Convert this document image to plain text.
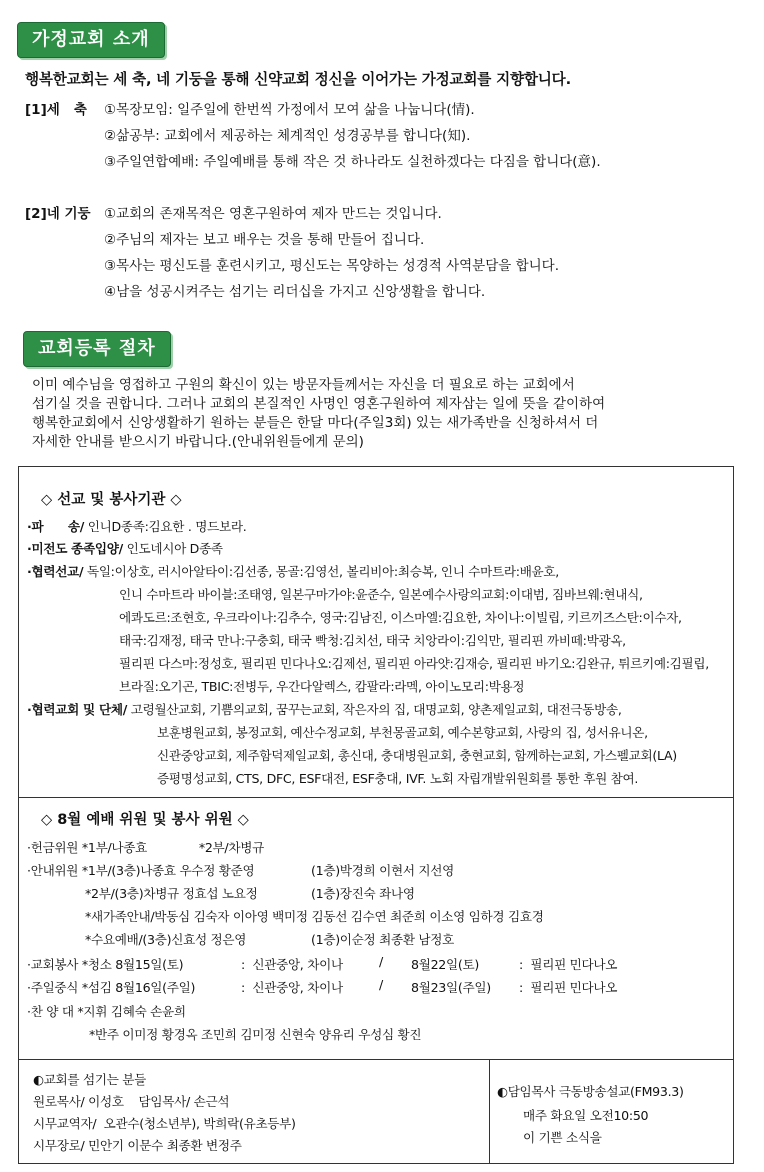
가정교회 소개
행복한교회는 세 축, 네 기둥을 통해 신약교회 정신을 이어가는 가정교회를 지향합니다.
[1]세   축 ①목장모임: 일주일에 한번씩 가정에서 모여 삶을 나눕니다(情).
②삶공부: 교회에서 제공하는 체계적인 성경공부를 합니다(知).
③주일연합예배: 주일예배를 통해 작은 것 하나라도 실천하겠다는 다짐을 합니다(意).
[2]네 기둥 ①교회의 존재목적은 영혼구원하여 제자 만드는 것입니다.
②주님의 제자는 보고 배우는 것을 통해 만들어 집니다.
③목사는 평신도를 훈련시키고, 평신도는 목양하는 성경적 사역분담을 합니다.
④남을 성공시켜주는 섬기는 리더십을 가지고 신앙생활을 합니다.
교회등록 절차
이미 예수님을 영접하고 구원의 확신이 있는 방문자들께서는 자신을 더 필요로 하는 교회에서
섬기실 것을 권합니다. 그러나 교회의 본질적인 사명인 영혼구원하여 제자삼는 일에 뜻을 같이하여
행복한교회에서 신앙생활하기 원하는 분들은 한달 마다(주일3회) 있는 새가족반을 신청하셔서 더
자세한 안내를 받으시기 바랍니다.(안내위원들에게 문의)
◇ 선교 및 봉사기관 ◇
·파      송/ 인니D종족:김요한 . 명드보라.
·미전도 종족입양/ 인도네시아 D종족
·협력선교/ 독일:이상호, 러시아알타이:김선종, 몽골:김영선, 볼리비아:최승복, 인니 수마트라:배윤호,
인니 수마트라 바이블:조태영, 일본구마가야:윤준수, 일본예수사랑의교회:이대범, 짐바브웨:현내식,
에콰도르:조현호, 우크라이나:김추수, 영국:김남진, 이스마엘:김요한, 차이나:이빌립, 키르끼즈스탄:이수자,
태국:김재정, 태국 만나:구충회, 태국 빡청:김치선, 태국 치앙라이:김익만, 필리핀 까비떼:박광옥,
필리핀 다스마:정성호, 필리핀 민다나오:김제선, 필리핀 아라얏:김재승, 필리핀 바기오:김완규, 튀르키예:김필립,
브라질:오기곤, TBIC:전병두, 우간다알렉스, 캄팔라:라멕, 아이노모리:박용정
·협력교회 및 단체/ 고령월산교회, 기쁨의교회, 꿈꾸는교회, 작은자의 집, 대명교회, 양촌제일교회, 대전극동방송,
보훈병원교회, 봉정교회, 예산수정교회, 부천몽골교회, 예수본향교회, 사랑의 집, 성서유니온,
신관중앙교회, 제주함덕제일교회, 총신대, 충대병원교회, 충현교회, 함께하는교회, 가스펠교회(LA)
증평명성교회, CTS, DFC, ESF대전, ESF충대, IVF. 노회 자립개발위원회를 통한 후원 참여.
◇ 8월 예배 위원 및 봉사 위원 ◇
·헌금위원 *1부/나종효              *2부/차병규
·안내위원 *1부/(3층)나종효 우수정 황준영	(1층)박경희 이현서 지선영
*2부/(3층)차병규 정효섭 노요정	(1층)장진숙 좌나영
*새가족안내/박동심 김숙자 이아영 백미정 김동선 김수연 최준희 이소영 임하경 김효경
*수요예배/(3층)신효성 정은영	(1층)이순정 최종환 남정호
·교회봉사 *청소 8월15일(토)	:  신관중앙, 차이나	/ 8월22일(토)	:  필리핀 민다나오
·주일중식 *섬김 8월16일(주일)	:  신관중앙, 차이나	/ 8월23일(주일) :  필리핀 민다나오
·찬 양 대 *지휘 김혜숙 손윤희
*반주 이미정 황경옥 조민희 김미정 신현숙 양유리 우성심 황진
◐교회를 섬기는 분들
원로목사/ 이성호    담임목사/ 손근석
시무교역자/  오관수(청소년부), 박희락(유초등부)
시무장로/ 민안기 이문수 최종환 변정주
◐담임목사 극동방송설교(FM93.3)
매주 화요일 오전10:50
이 기쁜 소식을
